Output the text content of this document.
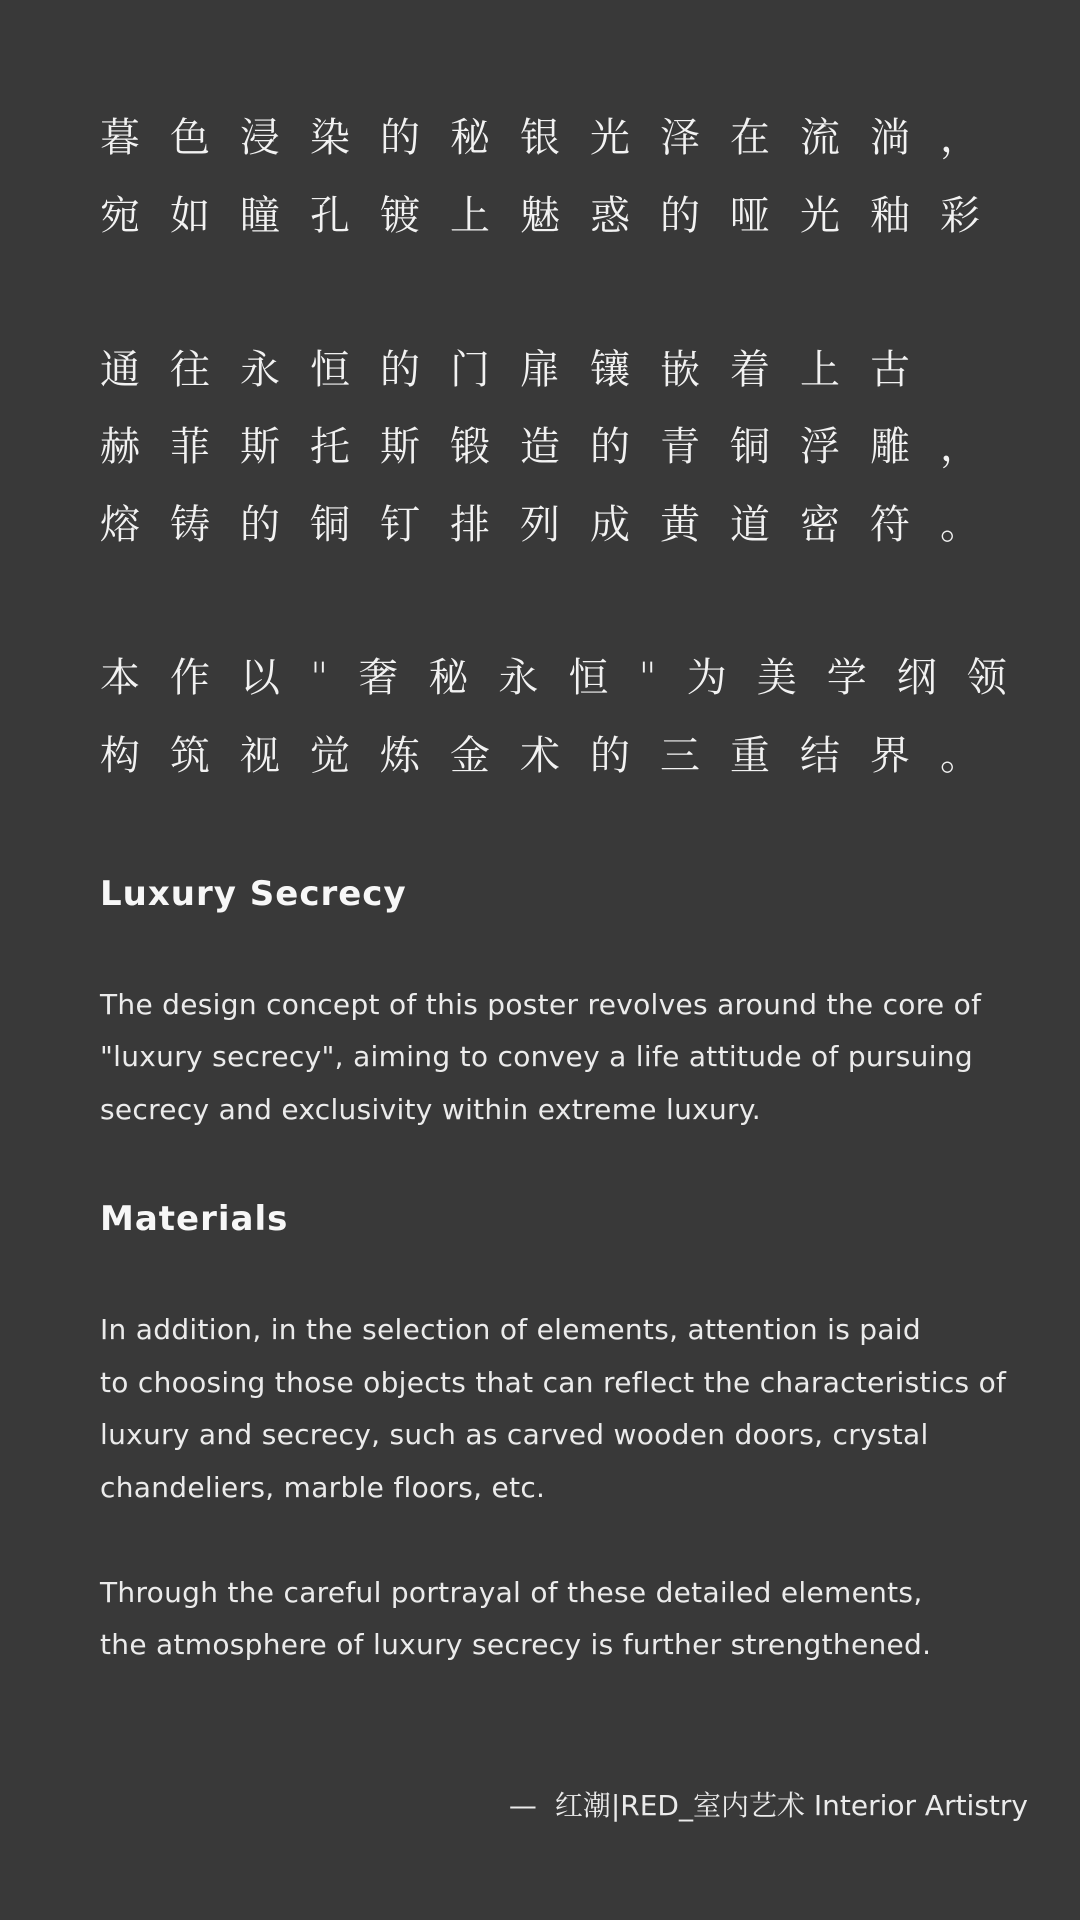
暮色浸染的秘银光泽在流淌，

宛如瞳孔镀上魅惑的哑光釉彩

通往永恒的门扉镶嵌着上古

赫菲斯托斯锻造的青铜浮雕，

熔铸的铜钉排列成黄道密符。

本作以"奢秘永恒"为美学纲领

构筑视觉炼金术的三重结界。

Luxury Secrecy

The design concept of this poster revolves around the core of

"luxury secrecy", aiming to convey a life attitude of pursuing

secrecy and exclusivity within extreme luxury.

Materials

In addition, in the selection of elements, attention is paid

to choosing those objects that can reflect the characteristics of

luxury and secrecy, such as carved wooden doors, crystal

chandeliers, marble floors, etc.

Through the careful portrayal of these detailed elements,

the atmosphere of luxury secrecy is further strengthened.

— 红潮|RED_室内艺术 Interior Artistry
